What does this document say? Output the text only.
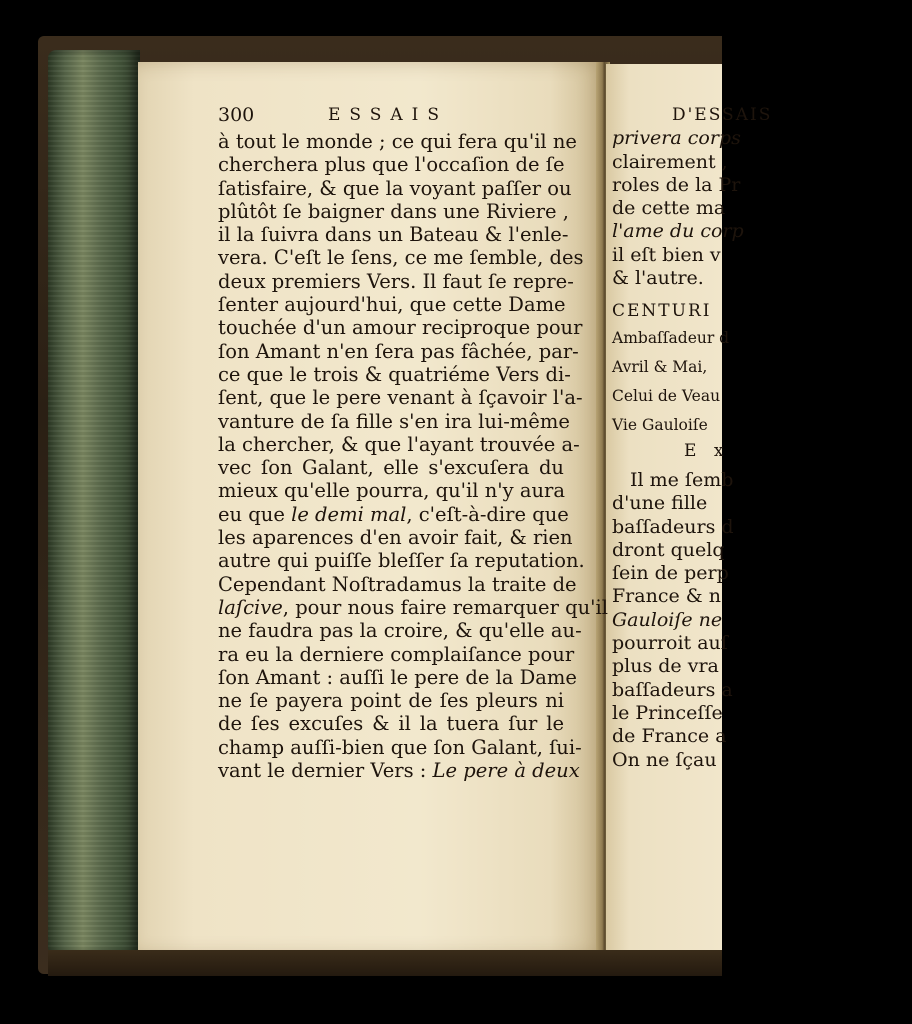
300	ESSAIS
à tout le monde ; ce qui fera qu'il ne
cherchera plus que l'occaſion de ſe
ſatisfaire, & que la voyant paſſer ou
plûtôt ſe baigner dans une Riviere ,
il la ſuivra dans un Bateau & l'enle-
vera. C'eſt le ſens, ce me ſemble, des
deux premiers Vers. Il faut ſe repre-
ſenter aujourd'hui, que cette Dame
touchée d'un amour reciproque pour
ſon Amant n'en ſera pas fâchée, par-
ce que le trois & quatriéme Vers di-
ſent, que le pere venant à ſçavoir l'a-
vanture de ſa fille s'en ira lui-même
la chercher, & que l'ayant trouvée a-
vec ſon Galant, elle s'excuſera du
mieux qu'elle pourra, qu'il n'y aura
eu que le demi mal, c'eſt-à-dire que
les aparences d'en avoir fait, & rien
autre qui puiſſe bleſſer ſa reputation.
Cependant Noſtradamus la traite de
laſcive, pour nous faire remarquer qu'il
ne faudra pas la croire, & qu'elle au-
ra eu la derniere complaiſance pour
ſon Amant : auſſi le pere de la Dame
ne ſe payera point de ſes pleurs ni
de ſes excuſes & il la tuera ſur le
champ auſſi-bien que ſon Galant, ſui-
vant le dernier Vers : Le pere à deux
D'ESSAIS
privera corps
clairement ,
roles de la Pr
de cette ma
l'ame du corp
il eſt bien v
& l'autre.
CENTURI
Ambaſſadeur d
Avril & Mai,
Celui de Veau
Vie Gauloiſe
E x
Il me ſemb
d'une fille
baſſadeurs d
dront quelq
ſein de perp
France & n
Gauloiſe ne
pourroit auſ
plus de vra
baſſadeurs a
le Princeſſe
de France a
On ne ſçau
